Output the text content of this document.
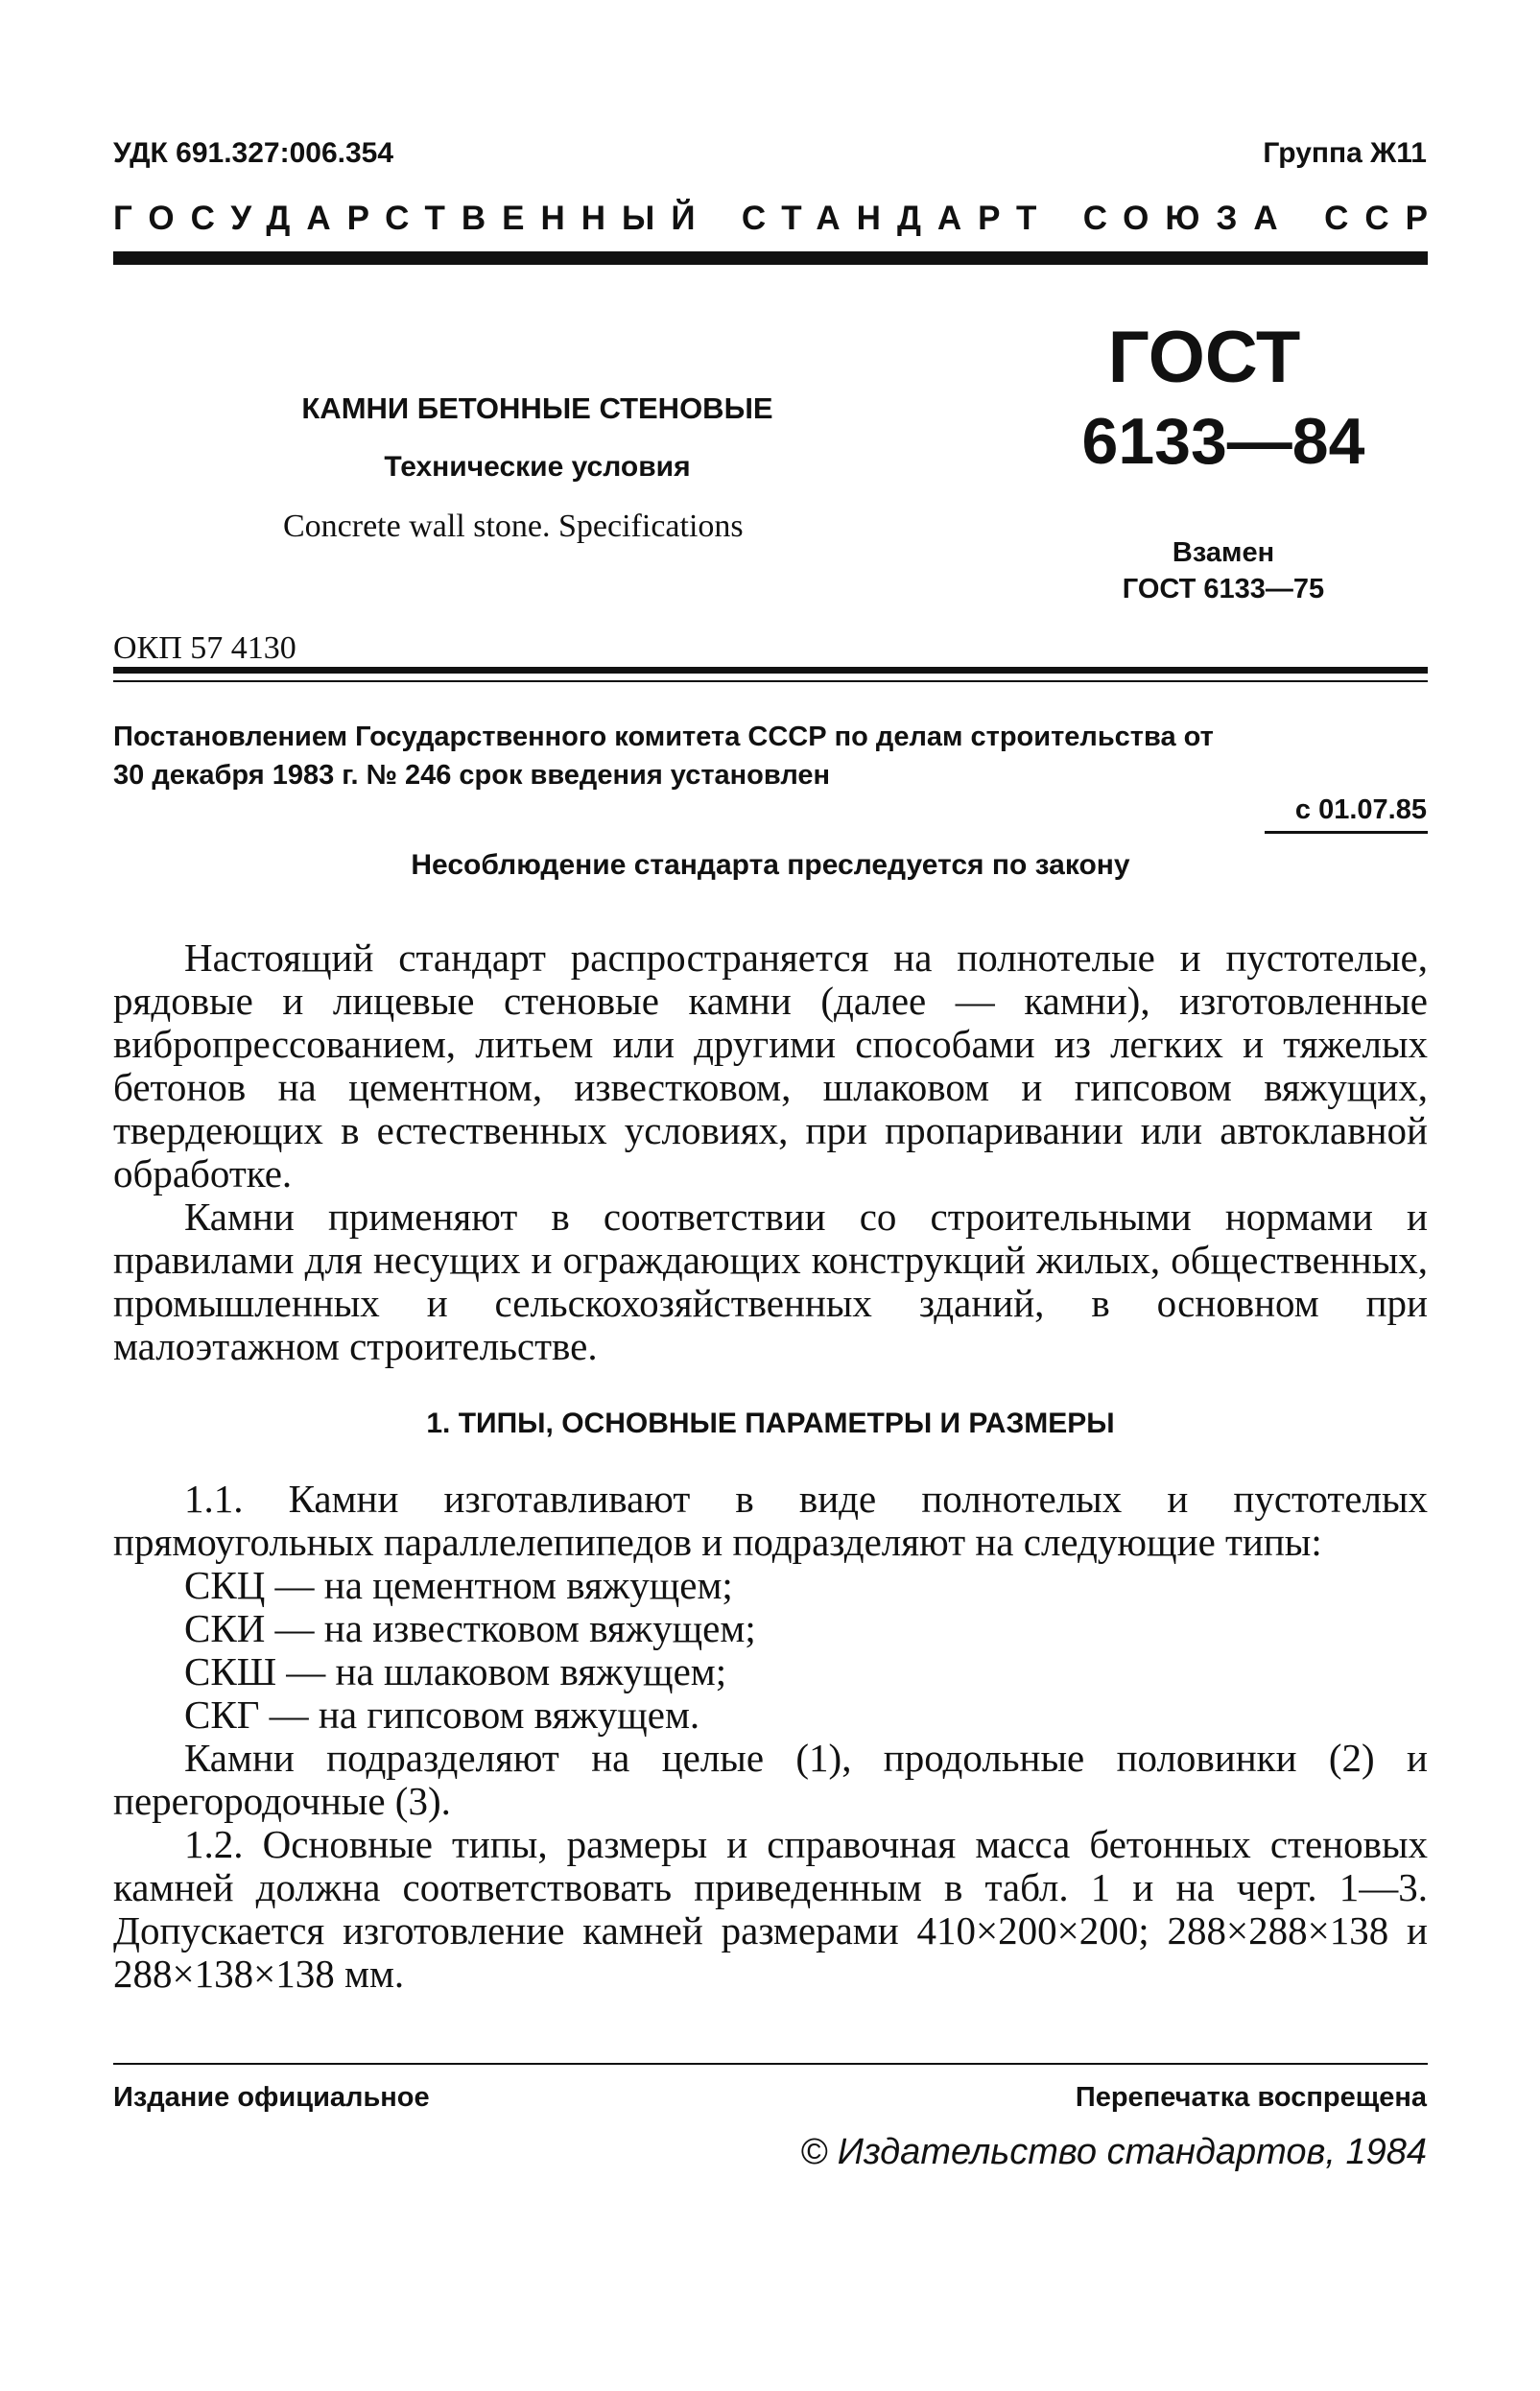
УДК 691.327:006.354	Группа Ж11
ГОСУДАРСТВЕННЫЙ СТАНДАРТ СОЮЗА ССР
КАМНИ БЕТОННЫЕ СТЕНОВЫЕ
Технические условия
Concrete wall stone. Specifications
ГОСТ
6133—84
Взамен
ГОСТ 6133—75
ОКП 57 4130
Постановлением Государственного комитета СССР по делам строительства от
30 декабря 1983 г. № 246 срок введения установлен
с 01.07.85
Несоблюдение стандарта преследуется по закону

Настоящий стандарт распространяется на полнотелые и пустотелые, рядовые и лицевые стеновые камни (далее — камни), изготовленные вибропрессованием, литьем или другими способами из легких и тяжелых бетонов на цементном, известковом, шлаковом и гипсовом вяжущих, твердеющих в естественных условиях, при пропаривании или автоклавной обработке.

Камни применяют в соответствии со строительными нормами и правилами для несущих и ограждающих конструкций жилых, общественных, промышленных и сельскохозяйственных зданий, в основном при малоэтажном строительстве.

1. ТИПЫ, ОСНОВНЫЕ ПАРАМЕТРЫ И РАЗМЕРЫ

1.1. Камни изготавливают в виде полнотелых и пустотелых прямоугольных параллелепипедов и подразделяют на следующие типы:

СКЦ — на цементном вяжущем;
СКИ — на известковом вяжущем;
СКШ — на шлаковом вяжущем;
СКГ — на гипсовом вяжущем.

Камни подразделяют на целые (1), продольные половинки (2) и перегородочные (3).

1.2. Основные типы, размеры и справочная масса бетонных стеновых камней должна соответствовать приведенным в табл. 1 и на черт. 1—3. Допускается изготовление камней размерами 410×200×200; 288×288×138 и 288×138×138 мм.

Издание официальное	Перепечатка воспрещена
© Издательство стандартов, 1984
